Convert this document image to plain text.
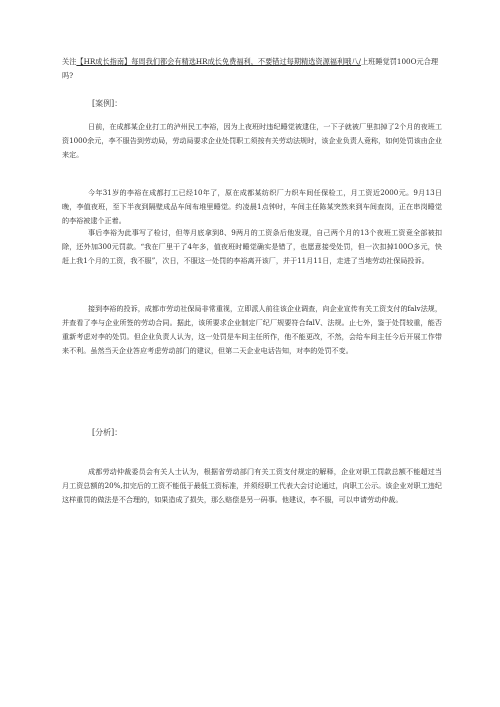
关注【HR成长指南】每周我们都会有精选HR成长免费福利，不要错过每期精选资源福利哦八/上班睡觉罚100O元合理吗?
[案例]：

日前，在成都某企业打工的泸州民工李裕，因为上夜班时违纪睡觉被逮住，一下子就被厂里扣掉了2个月的夜班工资1000余元，李不服告到劳动局，劳动局要求企业处罚职工须按有关劳动法规时，该企业负责人竟称，如何处罚该由企业来定。

今年31岁的李裕在成都打工已经10年了，原在成都某纺织厂力织车间任保检工，月工资近2000元。9月13日晚，李值夜班，至下半夜到隔壁成品车间布堆里睡觉。约凌晨1点钟时，车间主任陈某突然来到车间查岗，正在串岗睡觉的李裕被逮个正着。

事后李裕为此事写了检讨，但等月底拿到8、9两月的工资条后他发现，自己两个月的13个夜班工资竟全部被扣除，还外加300元罚款。“我在厂里干了4年多，值夜班时睡觉确实是错了，也愿意接受处罚，但一次扣掉100O多元，快赶上我1个月的工资，我不服”，次日，不服这一处罚的李裕离开该厂，并于11月11日，走进了当地劳动社保局投诉。

接到李裕的投诉，成都市劳动社保局非常重视，立即派人前往该企业调查，向企业宣传有关工资支付的falv法规，并查看了李与企业所签的劳动合同。据此，该所要求企业制定厂纪厂规要符合falV、法规。止七外，鉴于处罚较重，能否重新考虑对李的处罚。但企业负责人认为，这一处罚是车间主任所作，他不能更改，不然，会给车间主任今后开展工作带来不利。虽然当天企业答应考虑劳动部门的建议，但第二天企业电话告知，对李的处罚不变。

[分析]：

成都劳动仲裁委员会有关人士认为，根据省劳动部门有关工资支付规定的解释，企业对职工罚款总额不能超过当月工资总额的20%,扣完后的工资不能低于最低工资标准，并须经职工代表大会讨论通过，向职工公示。该企业对职工违纪这样重罚的做法是不合理的，如果造成了损失，那么赔偿是另一码事。他建议，李不服，可以申请劳动仲裁。
